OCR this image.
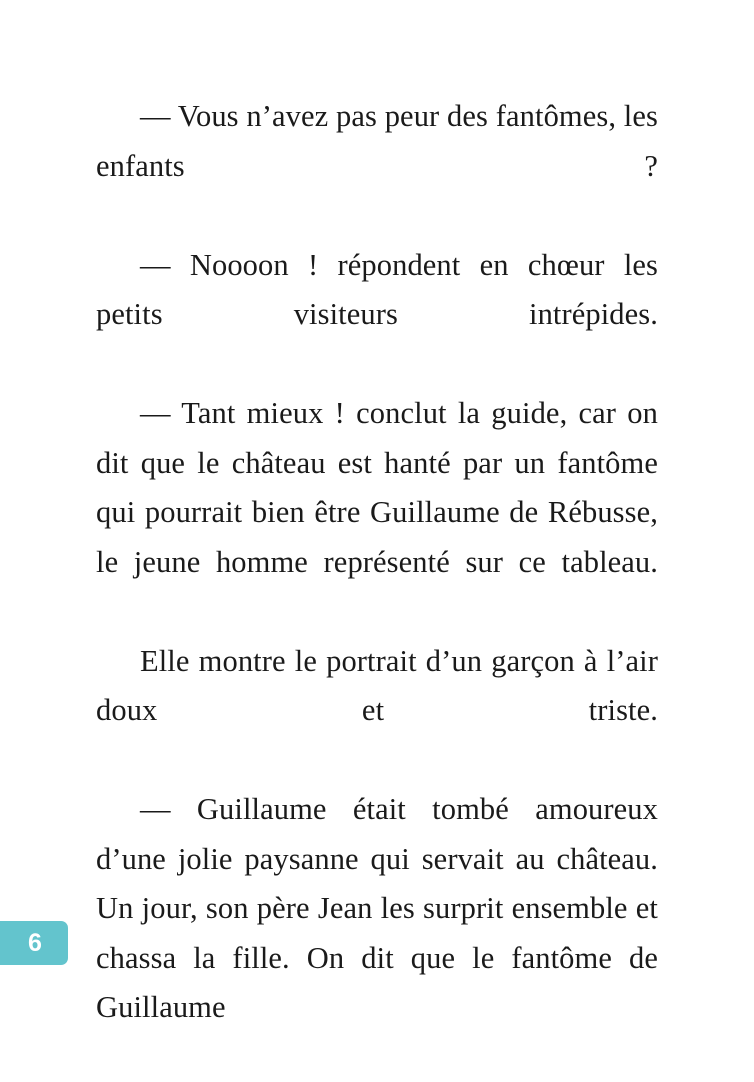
— Vous n’avez pas peur des fantômes, les enfants ?

— Noooon ! répondent en chœur les petits visiteurs intrépides.

— Tant mieux ! conclut la guide, car on dit que le château est hanté par un fantôme qui pourrait bien être Guillaume de Rébusse, le jeune homme représenté sur ce tableau.

Elle montre le portrait d’un garçon à l’air doux et triste.

— Guillaume était tombé amoureux d’une jolie paysanne qui servait au château. Un jour, son père Jean les surprit ensemble et chassa la fille. On dit que le fantôme de Guillaume

6
